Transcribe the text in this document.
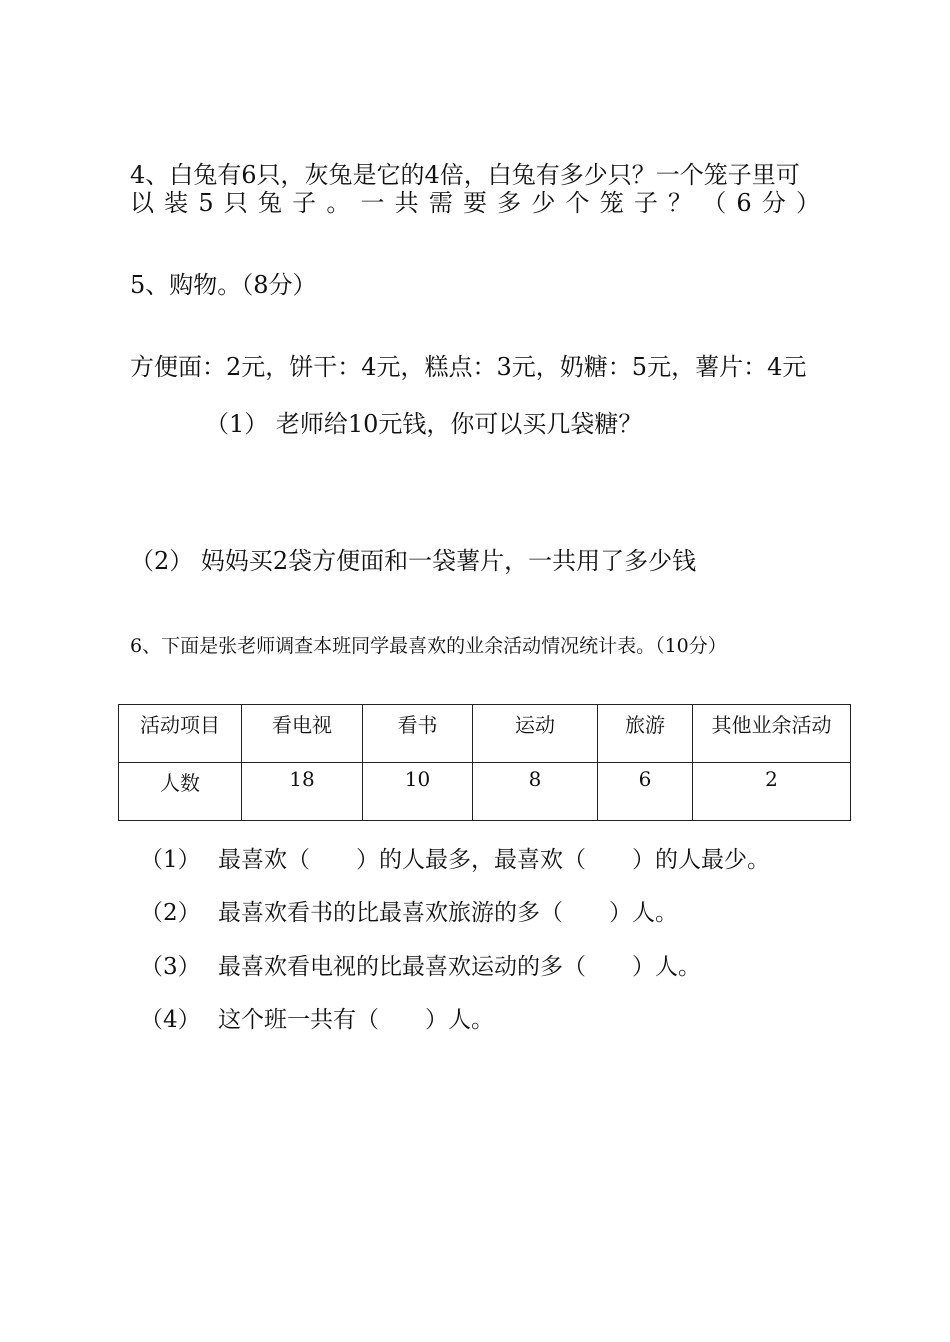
4、白兔有6只，灰兔是它的4倍，白兔有多少只？一个笼子里可
以 装 5 只 兔 子 。 一 共 需 要 多 少 个 笼 子 ？ （ 6 分 ）
5、购物。（8分）
方便面：2元，饼干：4元，糕点：3元，奶糖：5元，薯片：4元
（1） 老师给10元钱，你可以买几袋糖？
（2） 妈妈买2袋方便面和一袋薯片，一共用了多少钱
6、下面是张老师调查本班同学最喜欢的业余活动情况统计表。（10分）
活动项目	看电视	看书	运动	旅游	其他业余活动
人数	18	10	8	6	2
（1） 最喜欢（　　）的人最多，最喜欢（　　）的人最少。
（2） 最喜欢看书的比最喜欢旅游的多（　　）人。
（3） 最喜欢看电视的比最喜欢运动的多（　　）人。
（4） 这个班一共有（　　）人。
